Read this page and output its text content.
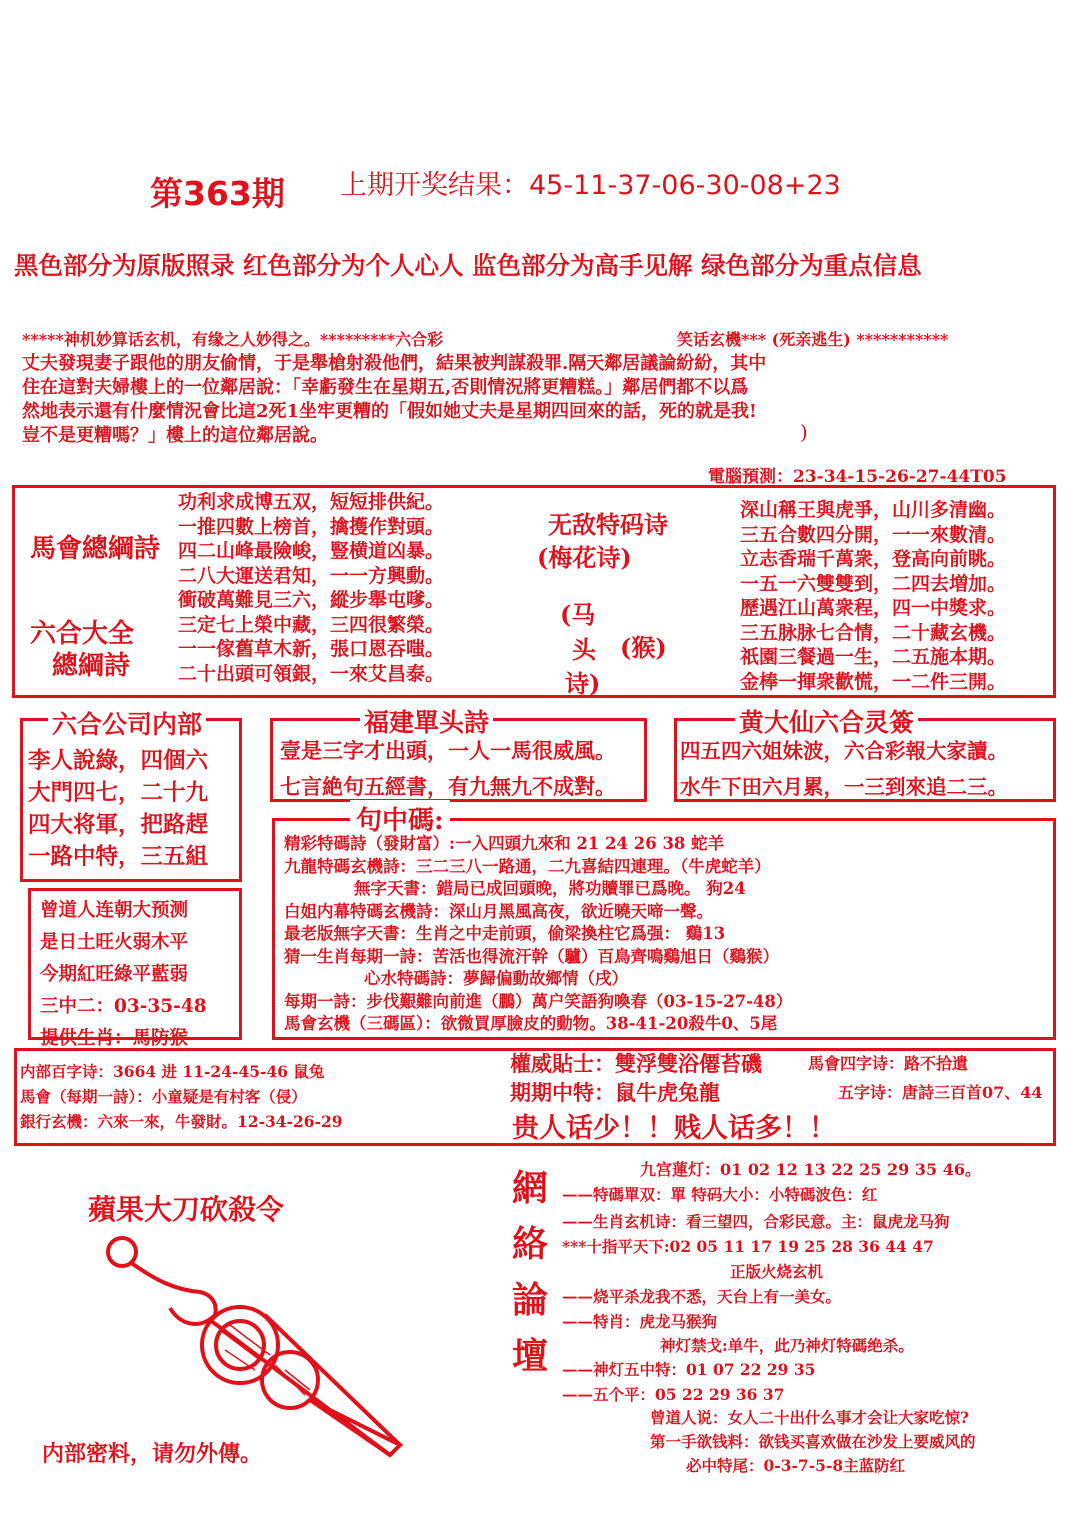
第363期 上期开奖结果：45-11-37-06-30-08+23
黑色部分为原版照录 红色部分为个人心人 监色部分为高手见解 绿色部分为重点信息
*****神机妙算话玄机，有缘之人妙得之。*********六合彩	笑话玄機*** (死亲逃生) ***********
丈夫發現妻子跟他的朋友偷情，于是舉槍射殺他們，結果被判謀殺罪.隔天鄰居議論紛紛，其中
住在這對夫婦樓上的一位鄰居說：「幸虧發生在星期五,否則情況將更糟糕。」鄰居們都不以爲
然地表示還有什麼情況會比這2死1坐牢更糟的「假如她丈夫是星期四回來的話，死的就是我!
豈不是更糟嗎？」樓上的這位鄰居說。	)
電腦預測：23-34-15-26-27-44T05
馬會總綱詩
六合大全
總綱詩
功利求成博五双，短短排供紀。
一推四數上榜首，擒擭作對頭。
四二山峰最險峻，豎横道凶暴。
二八大運送君知，一一方興動。
衝破萬難見三六，縱步舉屯嗲。
三定七上榮中藏，三四很繁榮。
一一傢舊草木新，張口恩吞嗤。
二十出頭可領銀，一來艾昌泰。
无敌特码诗
(梅花诗)
(马
头
诗)
(猴)
深山稱王與虎爭，山川多清幽。
三五合數四分開，一一來數清。
立志香瑞千萬衆，登高向前眺。
一五一六雙雙到，二四去増加。
歷遇江山萬衆程，四一中獎求。
三五脉脉七合情，二十藏玄機。
祇園三餐過一生，二五施本期。
金棒一揮衆歡慌，一二件三開。
六合公司内部
李人說綠，四個六
大門四七，二十九
四大将軍，把路趕
一路中特，三五組
福建單头詩
壹是三字才出頭，一人一馬很威風。
七言絶句五經書，有九無九不成對。
黄大仙六合灵簽
四五四六姐妹波，六合彩報大家讀。
水牛下田六月累，一三到來追二三。
曾道人连朝大预测
是日土旺火弱木平
今期紅旺綠平藍弱
三中二：03-35-48
提供生肖：馬防猴
句中碼:
精彩特碼詩（發財富）:一入四頭九來和 21 24 26 38 蛇羊
九龍特碼玄機詩：三二三八一路通，二九喜結四連理。（牛虎蛇羊）
無字天書：錯局已成回頭晚，將功贖罪已爲晚。 狗24
白姐内幕特碼玄機詩：深山月黑風高夜，欲近曉天啼一聲。
最老版無字天書：生肖之中走前頭，偷梁換柱它爲强： 鷄13
猜一生肖每期一詩：苦活也得流汗幹（驢）百鳥齊鳴鷄旭日（鷄猴）
心水特碼詩：夢歸偏動故鄉情（戌）
每期一詩：步伐艱難向前進（鵬）萬户笑語狗喚春（03-15-27-48）
馬會玄機（三碼區）：欲微買厚臉皮的動物。38-41-20殺牛0、5尾
内部百字诗：3664 进 11-24-45-46 鼠兔
馬會（每期一詩）：小童疑是有村客（侵）
銀行玄機：六來一來，牛發財。12-34-26-29
權威貼士：雙浮雙浴僊苔磯	馬會四字诗：路不拾遺
期期中特：鼠牛虎兔龍	五字诗：唐詩三百首07、44
贵人话少！！贱人话多！！
蘋果大刀砍殺令
内部密料，请勿外傳。
網
絡
論
壇
九宫蓮灯：01 02 12 13 22 25 29 35 46。
——特碼單双：單 特码大小：小特碼波色：红
——生肖玄机诗：看三望四，合彩民意。主：鼠虎龙马狗
***十指平天下:02 05 11 17 19 25 28 36 44 47
正版火烧玄机
——烧平杀龙我不悉，天台上有一美女。
——特肖：虎龙马猴狗
神灯禁戈:单牛，此乃神灯特碼绝杀。
——神灯五中特：01 07 22 29 35
——五个平：05 22 29 36 37
曾道人说：女人二十出什么事才会让大家吃惊?
第一手欲钱料：欲钱买喜欢做在沙发上要威风的
必中特尾：0-3-7-5-8主蓝防红
